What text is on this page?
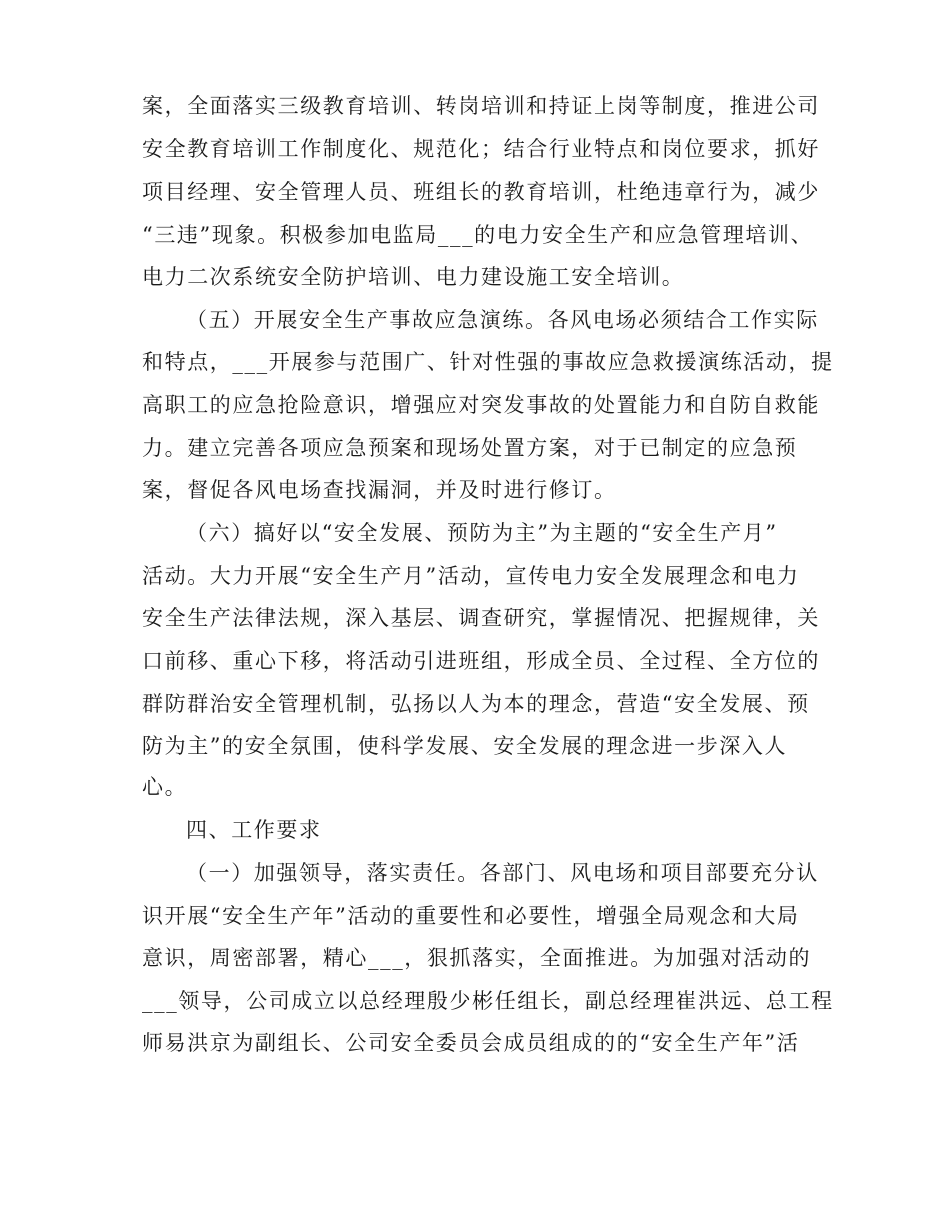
案，全面落实三级教育培训、转岗培训和持证上岗等制度，推进公司
安全教育培训工作制度化、规范化；结合行业特点和岗位要求，抓好
项目经理、安全管理人员、班组长的教育培训，杜绝违章行为，减少
“三违”现象。积极参加电监局___的电力安全生产和应急管理培训、
电力二次系统安全防护培训、电力建设施工安全培训。
（五）开展安全生产事故应急演练。各风电场必须结合工作实际
和特点，___开展参与范围广、针对性强的事故应急救援演练活动，提
高职工的应急抢险意识，增强应对突发事故的处置能力和自防自救能
力。建立完善各项应急预案和现场处置方案，对于已制定的应急预
案，督促各风电场查找漏洞，并及时进行修订。
（六）搞好以“安全发展、预防为主”为主题的“安全生产月”
活动。大力开展“安全生产月”活动，宣传电力安全发展理念和电力
安全生产法律法规，深入基层、调查研究，掌握情况、把握规律，关
口前移、重心下移，将活动引进班组，形成全员、全过程、全方位的
群防群治安全管理机制，弘扬以人为本的理念，营造“安全发展、预
防为主”的安全氛围，使科学发展、安全发展的理念进一步深入人
心。
四、工作要求
（一）加强领导，落实责任。各部门、风电场和项目部要充分认
识开展“安全生产年”活动的重要性和必要性，增强全局观念和大局
意识，周密部署，精心___，狠抓落实，全面推进。为加强对活动的
___领导，公司成立以总经理殷少彬任组长，副总经理崔洪远、总工程
师易洪京为副组长、公司安全委员会成员组成的的“安全生产年”活
